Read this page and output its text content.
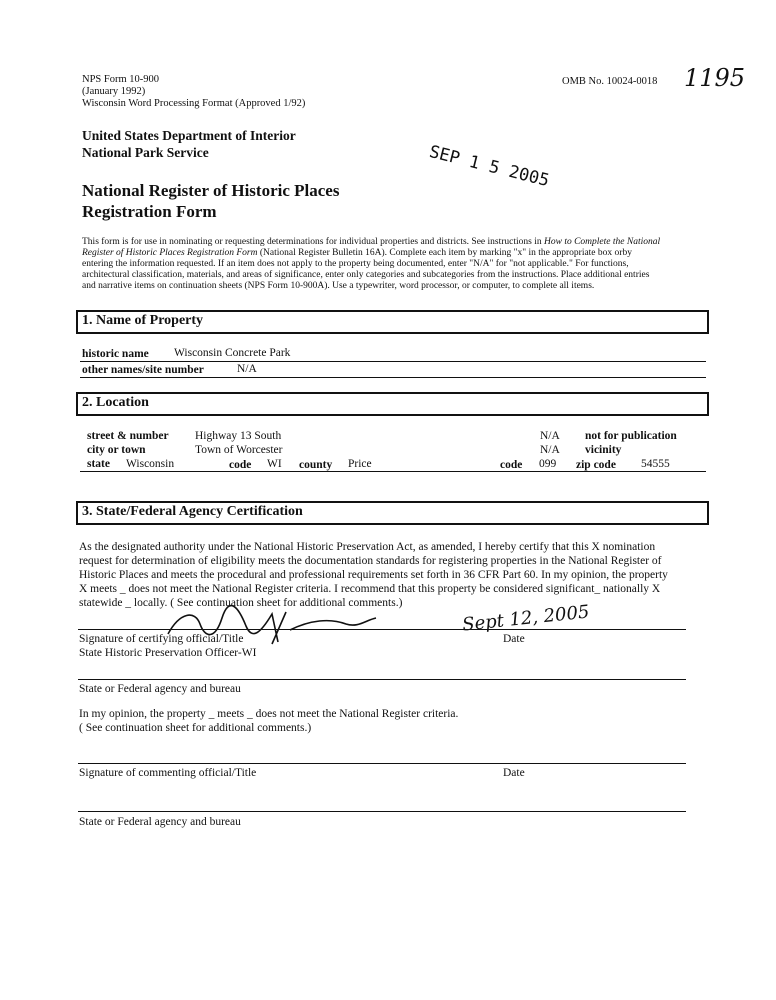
NPS Form 10-900
(January 1992)
Wisconsin Word Processing Format (Approved 1/92)
OMB No. 10024-0018 1195
United States Department of Interior
National Park Service	SEP 1 5 2005
National Register of Historic Places
Registration Form
This form is for use in nominating or requesting determinations for individual properties and districts. See instructions in How to Complete the National
Register of Historic Places Registration Form (National Register Bulletin 16A). Complete each item by marking "x" in the appropriate box orby
entering the information requested. If an item does not apply to the property being documented, enter "N/A" for "not applicable." For functions,
architectural classification, materials, and areas of significance, enter only categories and subcategories from the instructions. Place additional entries
and narrative items on continuation sheets (NPS Form 10-900A). Use a typewriter, word processor, or computer, to complete all items.
1. Name of Property
historic name Wisconsin Concrete Park
other names/site number	N/A
2. Location
street & number Highway 13 South	N/A not for publication
city or town	Town of Worcester	N/A vicinity
state Wisconsin	code WI county Price	code 099 zip code 54555
3. State/Federal Agency Certification
As the designated authority under the National Historic Preservation Act, as amended, I hereby certify that this X nomination
request for determination of eligibility meets the documentation standards for registering properties in the National Register of
Historic Places and meets the procedural and professional requirements set forth in 36 CFR Part 60. In my opinion, the property
X meets _ does not meet the National Register criteria. I recommend that this property be considered significant_ nationally X
statewide _ locally. ( See continuation sheet for additional comments.)	Sept 12, 2005
Signature of certifying official/Title	Date
State Historic Preservation Officer-WI
State or Federal agency and bureau
In my opinion, the property _ meets _ does not meet the National Register criteria.
( See continuation sheet for additional comments.)
Signature of commenting official/Title	Date
State or Federal agency and bureau
